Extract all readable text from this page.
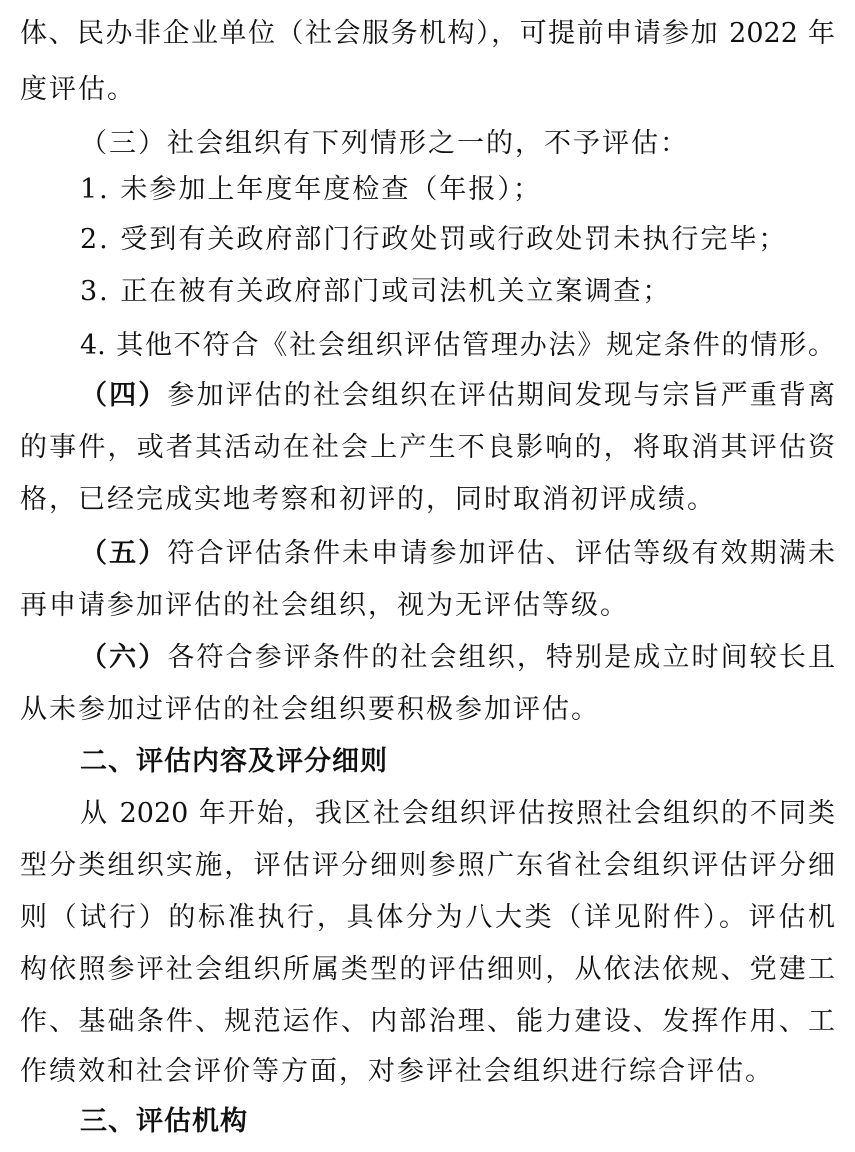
体、民办非企业单位（社会服务机构），可提前申请参加 2022 年
度评估。
（三）社会组织有下列情形之一的，不予评估：
1. 未参加上年度年度检查（年报）；
2. 受到有关政府部门行政处罚或行政处罚未执行完毕；
3. 正在被有关政府部门或司法机关立案调查；
4. 其他不符合《社会组织评估管理办法》规定条件的情形。
（四）参加评估的社会组织在评估期间发现与宗旨严重背离
的事件，或者其活动在社会上产生不良影响的，将取消其评估资
格，已经完成实地考察和初评的，同时取消初评成绩。
（五）符合评估条件未申请参加评估、评估等级有效期满未
再申请参加评估的社会组织，视为无评估等级。
（六）各符合参评条件的社会组织，特别是成立时间较长且
从未参加过评估的社会组织要积极参加评估。
二、评估内容及评分细则
从 2020 年开始，我区社会组织评估按照社会组织的不同类
型分类组织实施，评估评分细则参照广东省社会组织评估评分细
则（试行）的标准执行，具体分为八大类（详见附件）。评估机
构依照参评社会组织所属类型的评估细则，从依法依规、党建工
作、基础条件、规范运作、内部治理、能力建设、发挥作用、工
作绩效和社会评价等方面，对参评社会组织进行综合评估。
三、评估机构
